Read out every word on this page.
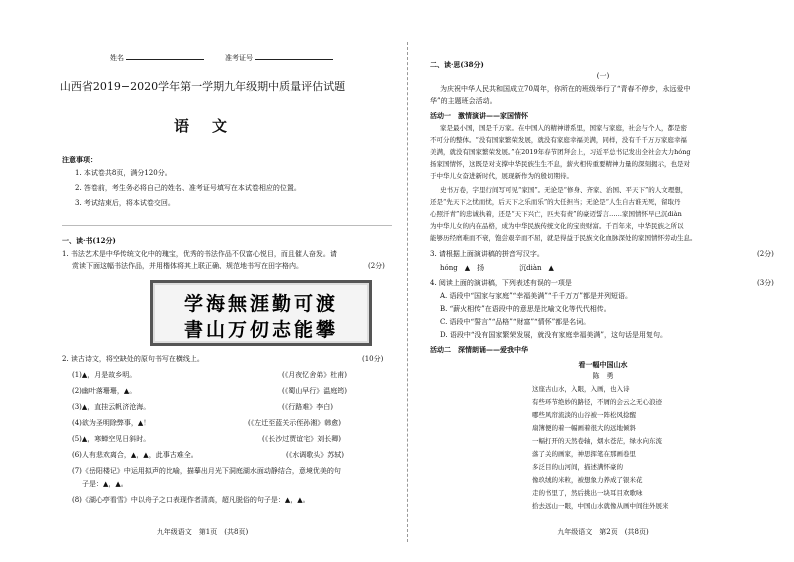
姓名	准考证号
山西省2019−2020学年第一学期九年级期中质量评估试题
语　文
注意事项：
1. 本试卷共8页，满分120分。
2. 答卷前，考生务必将自己的姓名、准考证号填写在本试卷相应的位置。
3. 考试结束后，将本试卷交回。
一、读·书(12分)
1. 书法艺术是中华传统文化中的瑰宝，优秀的书法作品不仅富心悦目，而且催人奋发。请
赏读下面这幅书法作品，并用楷体将其上联正确、规范地书写在田字格内。	(2分)
学海無涯勤可渡
書山万仞志能攀
2. 读古诗文，将空缺处的原句书写在横线上。	(10分)
(1)▲，月是故乡明。	(《月夜忆舍弟》杜甫)
(2)幽叶落珊珊，▲。	(《蜀山早行》温庭筠)
(3)▲，直挂云帆济沧海。	(《行路难》李白)
(4)欲为圣明除弊事，▲！	(《左迁至蓝关示侄孙湘》韩愈)
(5)▲，寒蝉空见日斜时。	(《长沙过贾谊宅》刘长卿)
(6)人有悲欢离合，▲，▲，此事古难全。	(《水调歌头》苏轼)
(7)《岳阳楼记》中运用拟声的比喻，描摹出月光下洞庭湖水面动静结合，意境优美的句
子是：▲，▲。
(8)《湖心亭看雪》中以舟子之口表现作者清高，超凡脱俗的句子是：▲，▲。
九年级语文　第1页　(共8页)
二、读·思(38分)
(一)
为庆祝中华人民共和国成立70周年，你所在的班级举行了“青春不停步，永远爱中
华”的主题班会活动。
活动一　激情演讲——家国情怀
家是最小国，国是千万家。在中国人的精神谱系里，国家与家庭，社会与个人，都是密
不可分的整体。“没有国家繁荣发展，就没有家庭幸福美满，同样，没有千千万万家庭幸福
美满，就没有国家繁荣发展。”在2019年春节团拜会上，习近平总书记发出全社会大力hóng
扬家国情怀，这既是对支撑中华民族生生不息，薪火相传重要精神力量的深刻揭示，也是对
于中华儿女奋进新时代，展现新作为的殷切期待。
史书万卷，字里行间写可见“家国”。无论是“修身、齐家、治国、平天下”的人文理想，
还是“先天下之忧而忧，后天下之乐而乐”的大任担当；无论是“人生自古谁无死，留取丹
心照汗青”的忠诚执着，还是“天下兴亡，匹夫有责”的豪迈誓言……家国情怀早已沉diàn
为中华儿女的内在品格，成为中华民族传统文化的宝贵财富。千百年来，中华民族之所以
能够历经磨难而不衰，饱尝艰辛而不屈，就是得益于民族文化血脉深处的家国情怀劳动生息。
3. 请根据上面演讲稿的拼音写汉字。	(2分)
hóng　▲　扬　　　　　沉diàn　▲
4. 阅读上面的演讲稿，下列表述有误的一项是	(3分)
A. 语段中“国家与家庭”“幸福美满”“千千万万”都是并列短语。
B. “薪火相传”在语段中的意思是比喻文化等代代相传。
C. 语段中“誓言”“品格”“财富”“情怀”都是名词。
D. 语段中“没有国家繁荣发展，就没有家庭幸福美满”，这句话是用复句。
活动二　深情朗诵——爱我中华
看一幅中国山水
陈　勇
这座古山水，入眼，入画，也入诗
有些环节绝妙的路径，不屑的会云之无心浪迹
哪些风帘流淡的山谷被一阵松风捻醒
扇簿便的着一幅画着很大的远地倾斜
一幅打开的天然卷轴，烟水苍茫，绿水向东流
落了关的画家，神思挥笔在那画卷里
多泛目的山河间，描述满怀豪的
像玖绒的米粒，被想象力养成了银米花
走的书里了，然后挑出一块耳目欢歌咏
拾去远山一眼，中国山水就像从画中间往外展来
九年级语文　第2页　(共8页)
